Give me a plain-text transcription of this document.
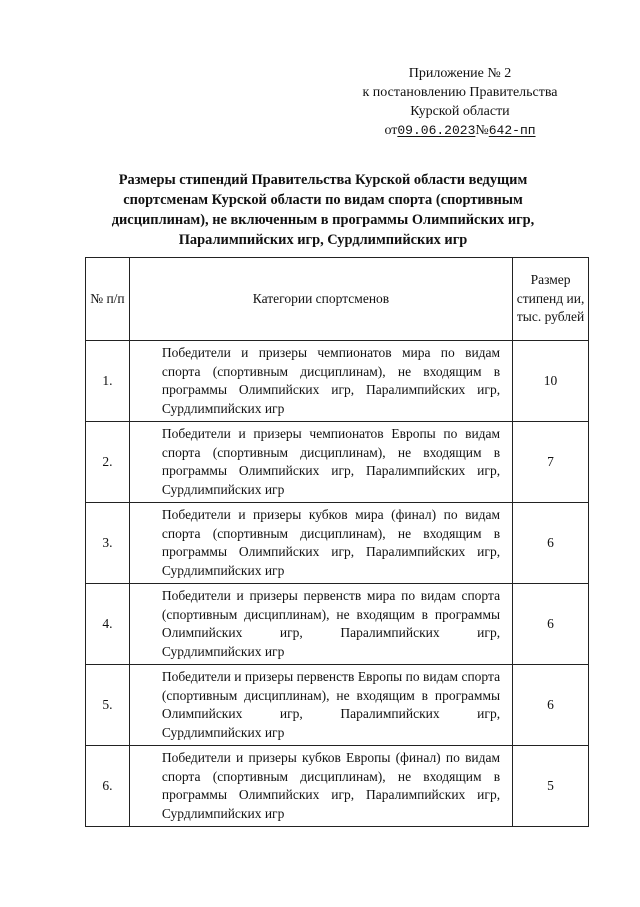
Приложение № 2
к постановлению Правительства
Курской области
от09.06.2023№642-пп
Размеры стипендий Правительства Курской области ведущим спортсменам Курской области по видам спорта (спортивным дисциплинам), не включенным в программы Олимпийских игр, Паралимпийских игр, Сурдлимпийских игр
№ п/п	Категории спортсменов	Размер стипенд ии, тыс. рублей
1.	Победители и призеры чемпионатов мира по видам спорта (спортивным дисциплинам), не входящим в программы Олимпийских игр, Паралимпийских игр, Сурдлимпийских игр	10
2.	Победители и призеры чемпионатов Европы по видам спорта (спортивным дисциплинам), не входящим в программы Олимпийских игр, Паралимпийских игр, Сурдлимпийских игр	7
3.	Победители и призеры кубков мира (финал) по видам спорта (спортивным дисциплинам), не входящим в программы Олимпийских игр, Паралимпийских игр, Сурдлимпийских игр	6
4.	Победители и призеры первенств мира по видам спорта (спортивным дисциплинам), не входящим в программы Олимпийских игр, Паралимпийских игр, Сурдлимпийских игр	6
5.	Победители и призеры первенств Европы по видам спорта (спортивным дисциплинам), не входящим в программы Олимпийских игр, Паралимпийских игр, Сурдлимпийских игр	6
6.	Победители и призеры кубков Европы (финал) по видам спорта (спортивным дисциплинам), не входящим в программы Олимпийских игр, Паралимпийских игр, Сурдлимпийских игр	5
